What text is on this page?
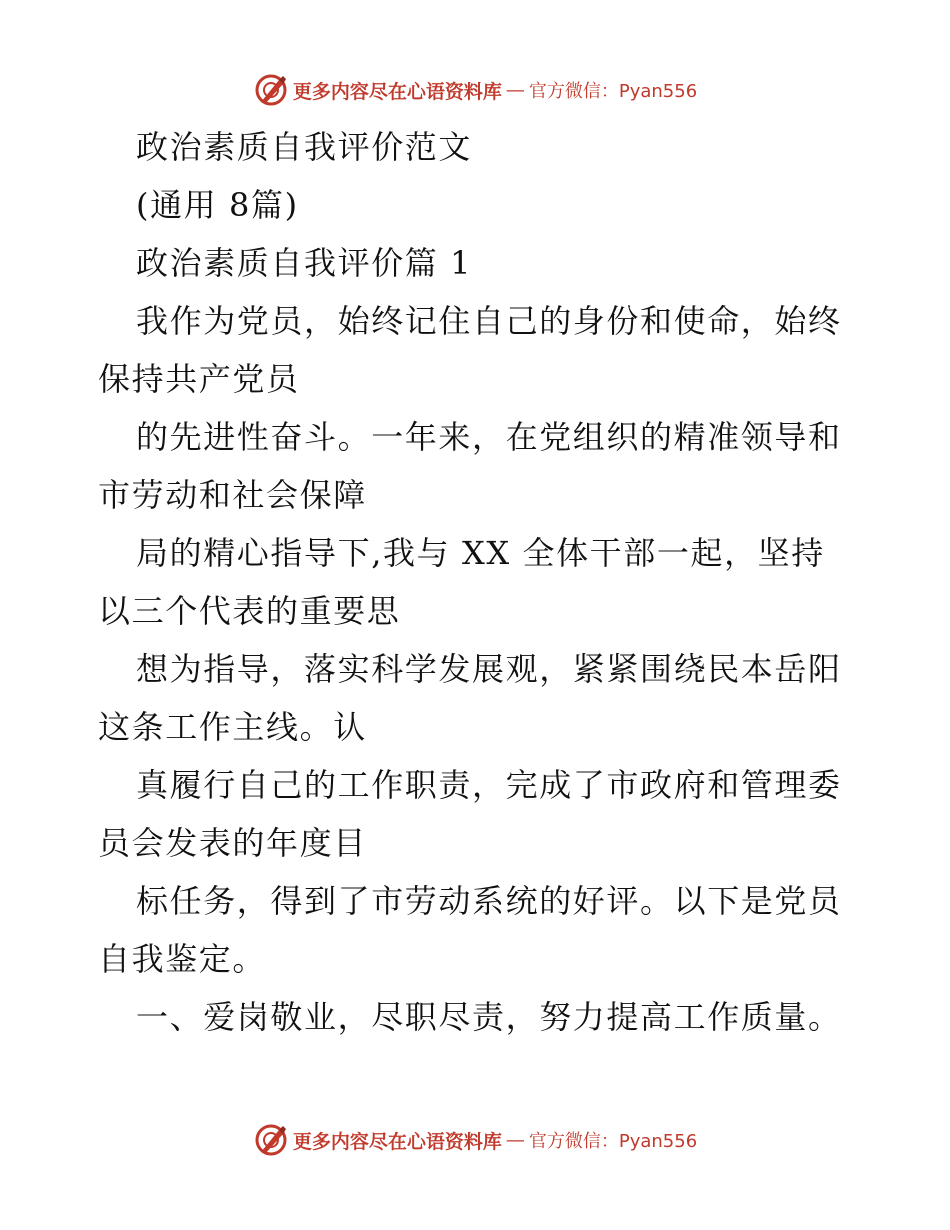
更多内容尽在心语资料库 — 官方微信：Pyan556
政治素质自我评价范文
(通用 8篇)
政治素质自我评价篇 1
我作为党员，始终记住自己的身份和使命，始终
保持共产党员
的先进性奋斗。一年来，在党组织的精准领导和
市劳动和社会保障
局的精心指导下,我与 XX 全体干部一起，坚持
以三个代表的重要思
想为指导，落实科学发展观，紧紧围绕民本岳阳
这条工作主线。认
真履行自己的工作职责，完成了市政府和管理委
员会发表的年度目
标任务，得到了市劳动系统的好评。以下是党员
自我鉴定。
一、爱岗敬业，尽职尽责，努力提高工作质量。
更多内容尽在心语资料库 — 官方微信：Pyan556
